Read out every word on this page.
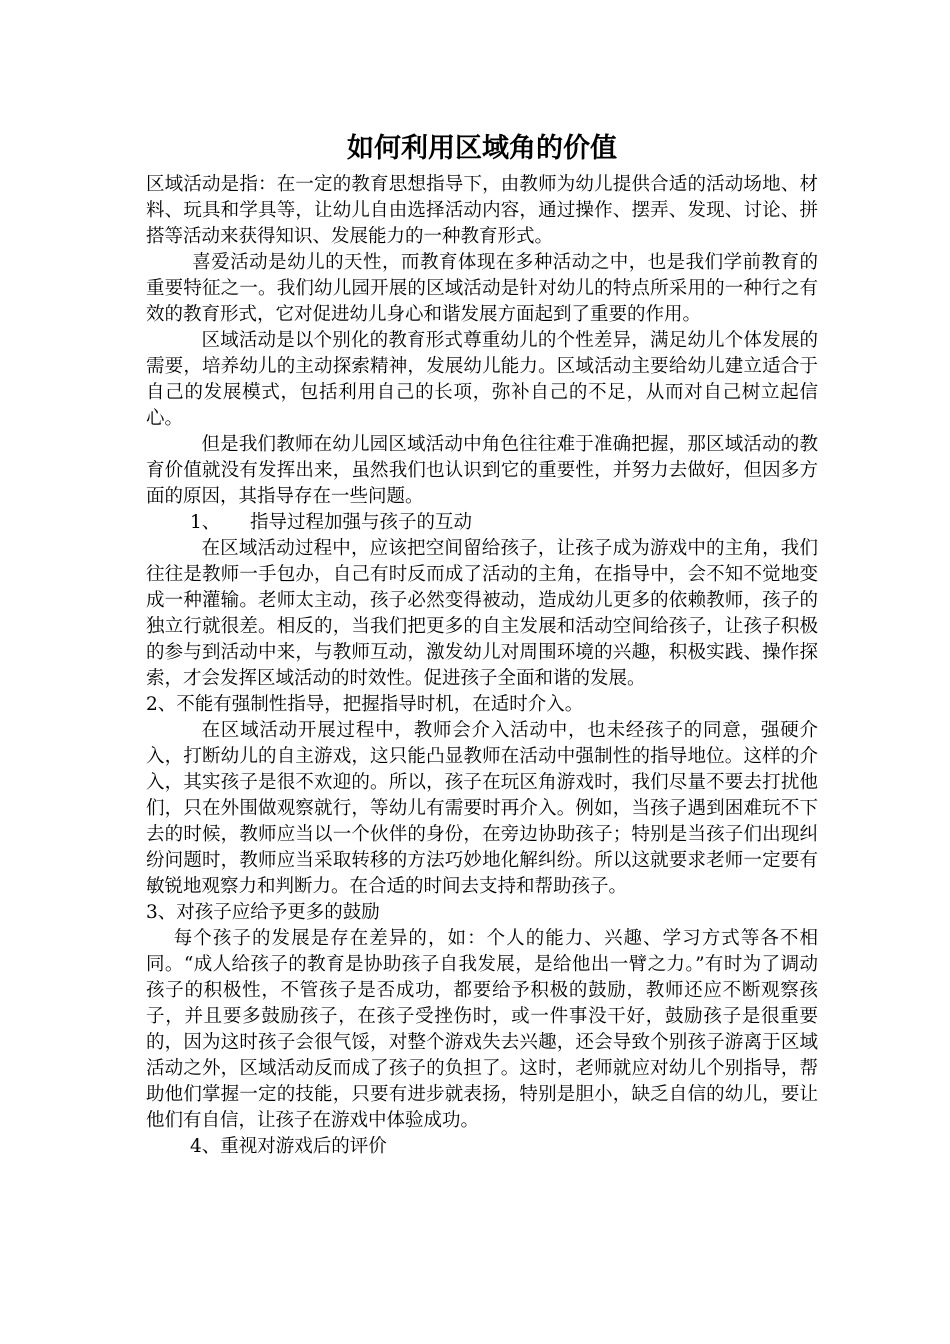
如何利用区域角的价值

区域活动是指：在一定的教育思想指导下，由教师为幼儿提供合适的活动场地、材料、玩具和学具等，让幼儿自由选择活动内容，通过操作、摆弄、发现、讨论、拼搭等活动来获得知识、发展能力的一种教育形式。

喜爱活动是幼儿的天性，而教育体现在多种活动之中，也是我们学前教育的重要特征之一。我们幼儿园开展的区域活动是针对幼儿的特点所采用的一种行之有效的教育形式，它对促进幼儿身心和谐发展方面起到了重要的作用。

区域活动是以个别化的教育形式尊重幼儿的个性差异，满足幼儿个体发展的需要，培养幼儿的主动探索精神，发展幼儿能力。区域活动主要给幼儿建立适合于自己的发展模式，包括利用自己的长项，弥补自己的不足，从而对自己树立起信心。

但是我们教师在幼儿园区域活动中角色往往难于准确把握，那区域活动的教育价值就没有发挥出来，虽然我们也认识到它的重要性，并努力去做好，但因多方面的原因，其指导存在一些问题。

1、 指导过程加强与孩子的互动

在区域活动过程中，应该把空间留给孩子，让孩子成为游戏中的主角，我们往往是教师一手包办，自己有时反而成了活动的主角，在指导中，会不知不觉地变成一种灌输。老师太主动，孩子必然变得被动，造成幼儿更多的依赖教师，孩子的独立行就很差。相反的，当我们把更多的自主发展和活动空间给孩子，让孩子积极的参与到活动中来，与教师互动，激发幼儿对周围环境的兴趣，积极实践、操作探索，才会发挥区域活动的时效性。促进孩子全面和谐的发展。

2、不能有强制性指导，把握指导时机，在适时介入。

在区域活动开展过程中，教师会介入活动中，也未经孩子的同意，强硬介入，打断幼儿的自主游戏，这只能凸显教师在活动中强制性的指导地位。这样的介入，其实孩子是很不欢迎的。所以，孩子在玩区角游戏时，我们尽量不要去打扰他们，只在外围做观察就行，等幼儿有需要时再介入。例如，当孩子遇到困难玩不下去的时候，教师应当以一个伙伴的身份，在旁边协助孩子；特别是当孩子们出现纠纷问题时，教师应当采取转移的方法巧妙地化解纠纷。所以这就要求老师一定要有敏锐地观察力和判断力。在合适的时间去支持和帮助孩子。

3、对孩子应给予更多的鼓励

每个孩子的发展是存在差异的，如：个人的能力、兴趣、学习方式等各不相同。“成人给孩子的教育是协助孩子自我发展，是给他出一臂之力。”有时为了调动孩子的积极性，不管孩子是否成功，都要给予积极的鼓励，教师还应不断观察孩子，并且要多鼓励孩子，在孩子受挫伤时，或一件事没干好，鼓励孩子是很重要的，因为这时孩子会很气馁，对整个游戏失去兴趣，还会导致个别孩子游离于区域活动之外，区域活动反而成了孩子的负担了。这时，老师就应对幼儿个别指导，帮助他们掌握一定的技能，只要有进步就表扬，特别是胆小，缺乏自信的幼儿，要让他们有自信，让孩子在游戏中体验成功。

4、重视对游戏后的评价
